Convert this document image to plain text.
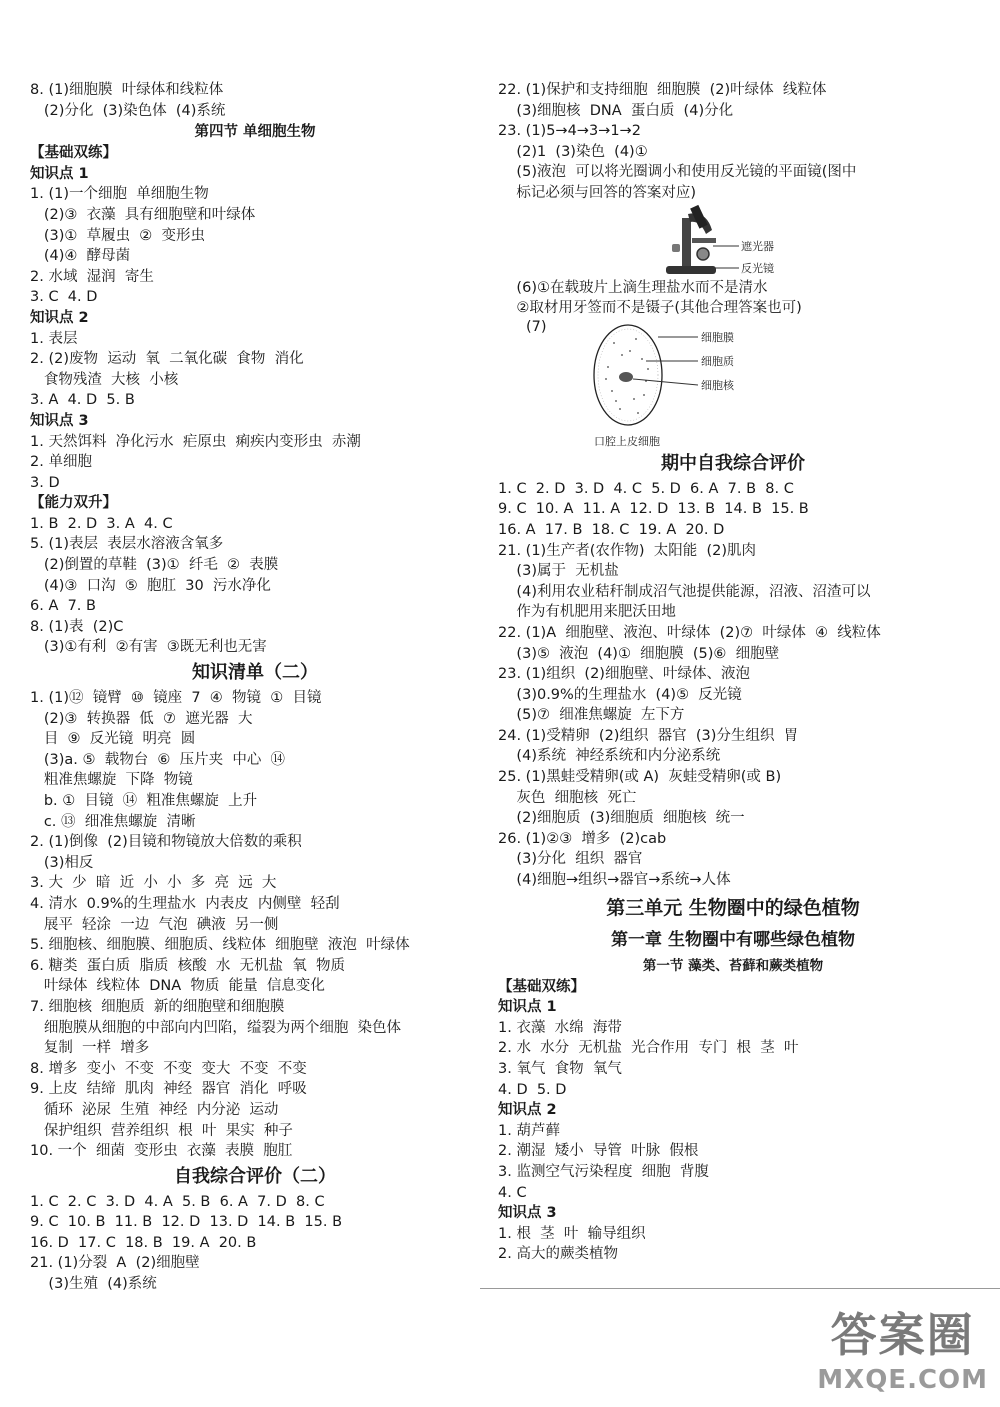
8. (1)细胞膜  叶绿体和线粒体
(2)分化  (3)染色体  (4)系统
第四节 单细胞生物
【基础双练】
知识点 1
1. (1)一个细胞  单细胞生物
(2)③  衣藻  具有细胞壁和叶绿体
(3)①  草履虫  ②  变形虫
(4)④  酵母菌
2. 水域  湿润  寄生
3. C  4. D
知识点 2
1. 表层
2. (2)废物  运动  氧  二氧化碳  食物  消化
食物残渣  大核  小核
3. A  4. D  5. B
知识点 3
1. 天然饵料  净化污水  疟原虫  痢疾内变形虫  赤潮
2. 单细胞
3. D
【能力双升】
1. B  2. D  3. A  4. C
5. (1)表层  表层水溶液含氧多
(2)倒置的草鞋  (3)①  纤毛  ②  表膜
(4)③  口沟  ⑤  胞肛  30  污水净化
6. A  7. B
8. (1)表  (2)C
(3)①有利  ②有害  ③既无利也无害
知识清单（二）
1. (1)⑫  镜臂  ⑩  镜座  7  ④  物镜  ①  目镜
(2)③  转换器  低  ⑦  遮光器  大
目  ⑨  反光镜  明亮  圆
(3)a. ⑤  载物台  ⑥  压片夹  中心  ⑭
粗准焦螺旋  下降  物镜
b. ①  目镜  ⑭  粗准焦螺旋  上升
c. ⑬  细准焦螺旋  清晰
2. (1)倒像  (2)目镜和物镜放大倍数的乘积
(3)相反
3. 大  少  暗  近  小  小  多  亮  远  大
4. 清水  0.9%的生理盐水  内表皮  内侧壁  轻刮
展平  轻涂  一边  气泡  碘液  另一侧
5. 细胞核、细胞膜、细胞质、线粒体  细胞壁  液泡  叶绿体
6. 糖类  蛋白质  脂质  核酸  水  无机盐  氧  物质
叶绿体  线粒体  DNA  物质  能量  信息变化
7. 细胞核  细胞质  新的细胞壁和细胞膜
细胞膜从细胞的中部向内凹陷，缢裂为两个细胞  染色体
复制  一样  增多
8. 增多  变小  不变  不变  变大  不变  不变
9. 上皮  结缔  肌肉  神经  器官  消化  呼吸
循环  泌尿  生殖  神经  内分泌  运动
保护组织  营养组织  根  叶  果实  种子
10. 一个  细菌  变形虫  衣藻  表膜  胞肛
自我综合评价（二）
1. C  2. C  3. D  4. A  5. B  6. A  7. D  8. C
9. C  10. B  11. B  12. D  13. D  14. B  15. B
16. D  17. C  18. B  19. A  20. B
21. (1)分裂  A  (2)细胞壁
(3)生殖  (4)系统
22. (1)保护和支持细胞  细胞膜  (2)叶绿体  线粒体
(3)细胞核  DNA  蛋白质  (4)分化
23. (1)5→4→3→1→2
(2)1  (3)染色  (4)①
(5)液泡  可以将光圈调小和使用反光镜的平面镜(图中
标记必须与回答的答案对应)
遮光器
反光镜
(6)①在载玻片上滴生理盐水而不是清水
②取材用牙签而不是镊子(其他合理答案也可)
(7)
细胞膜
细胞质
细胞核
口腔上皮细胞
期中自我综合评价
1. C  2. D  3. D  4. C  5. D  6. A  7. B  8. C
9. C  10. A  11. A  12. D  13. B  14. B  15. B
16. A  17. B  18. C  19. A  20. D
21. (1)生产者(农作物)  太阳能  (2)肌肉
(3)属于  无机盐
(4)利用农业秸秆制成沼气池提供能源，沼液、沼渣可以
作为有机肥用来肥沃田地
22. (1)A  细胞壁、液泡、叶绿体  (2)⑦  叶绿体  ④  线粒体
(3)⑤  液泡  (4)①  细胞膜  (5)⑥  细胞壁
23. (1)组织  (2)细胞壁、叶绿体、液泡
(3)0.9%的生理盐水  (4)⑤  反光镜
(5)⑦  细准焦螺旋  左下方
24. (1)受精卵  (2)组织  器官  (3)分生组织  胃
(4)系统  神经系统和内分泌系统
25. (1)黑蛙受精卵(或 A)  灰蛙受精卵(或 B)
灰色  细胞核  死亡
(2)细胞质  (3)细胞质  细胞核  统一
26. (1)②③  增多  (2)cab
(3)分化  组织  器官
(4)细胞→组织→器官→系统→人体
第三单元 生物圈中的绿色植物
第一章 生物圈中有哪些绿色植物
第一节 藻类、苔藓和蕨类植物
【基础双练】
知识点 1
1. 衣藻  水绵  海带
2. 水  水分  无机盐  光合作用  专门  根  茎  叶
3. 氧气  食物  氧气
4. D  5. D
知识点 2
1. 葫芦藓
2. 潮湿  矮小  导管  叶脉  假根
3. 监测空气污染程度  细胞  背腹
4. C
知识点 3
1. 根  茎  叶  输导组织
2. 高大的蕨类植物
答案圈
MXQE.COM
